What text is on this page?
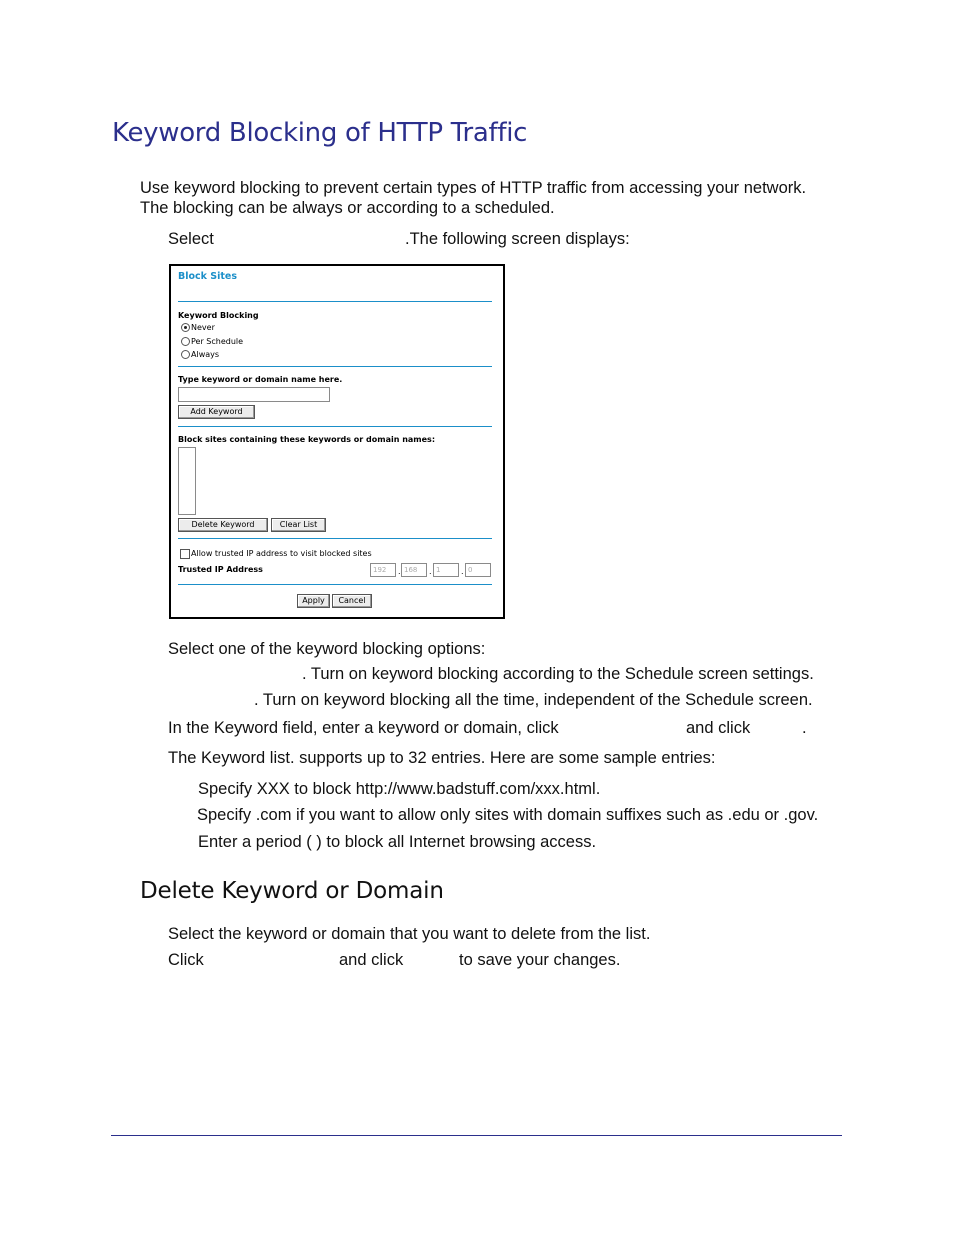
Keyword Blocking of HTTP Traffic
Use keyword blocking to prevent certain types of HTTP traffic from accessing your network.
The blocking can be always or according to a scheduled.
Select	.The following screen displays:
Block Sites
Keyword Blocking
Never
Per Schedule
Always
Type keyword or domain name here.
Add Keyword
Block sites containing these keywords or domain names:
Delete Keyword	Clear List
Allow trusted IP address to visit blocked sites
Trusted IP Address	192	. 168	. 1	. 0
Apply	Cancel
Select one of the keyword blocking options:
. Turn on keyword blocking according to the Schedule screen settings.
. Turn on keyword blocking all the time, independent of the Schedule screen.
In the Keyword field, enter a keyword or domain, click	and click	.
The Keyword list. supports up to 32 entries. Here are some sample entries:
Specify XXX to block http://www.badstuff.com/xxx.html.
Specify .com if you want to allow only sites with domain suffixes such as .edu or .gov.
Enter a period ( ) to block all Internet browsing access.
Delete Keyword or Domain
Select the keyword or domain that you want to delete from the list.
Click	and click	to save your changes.
